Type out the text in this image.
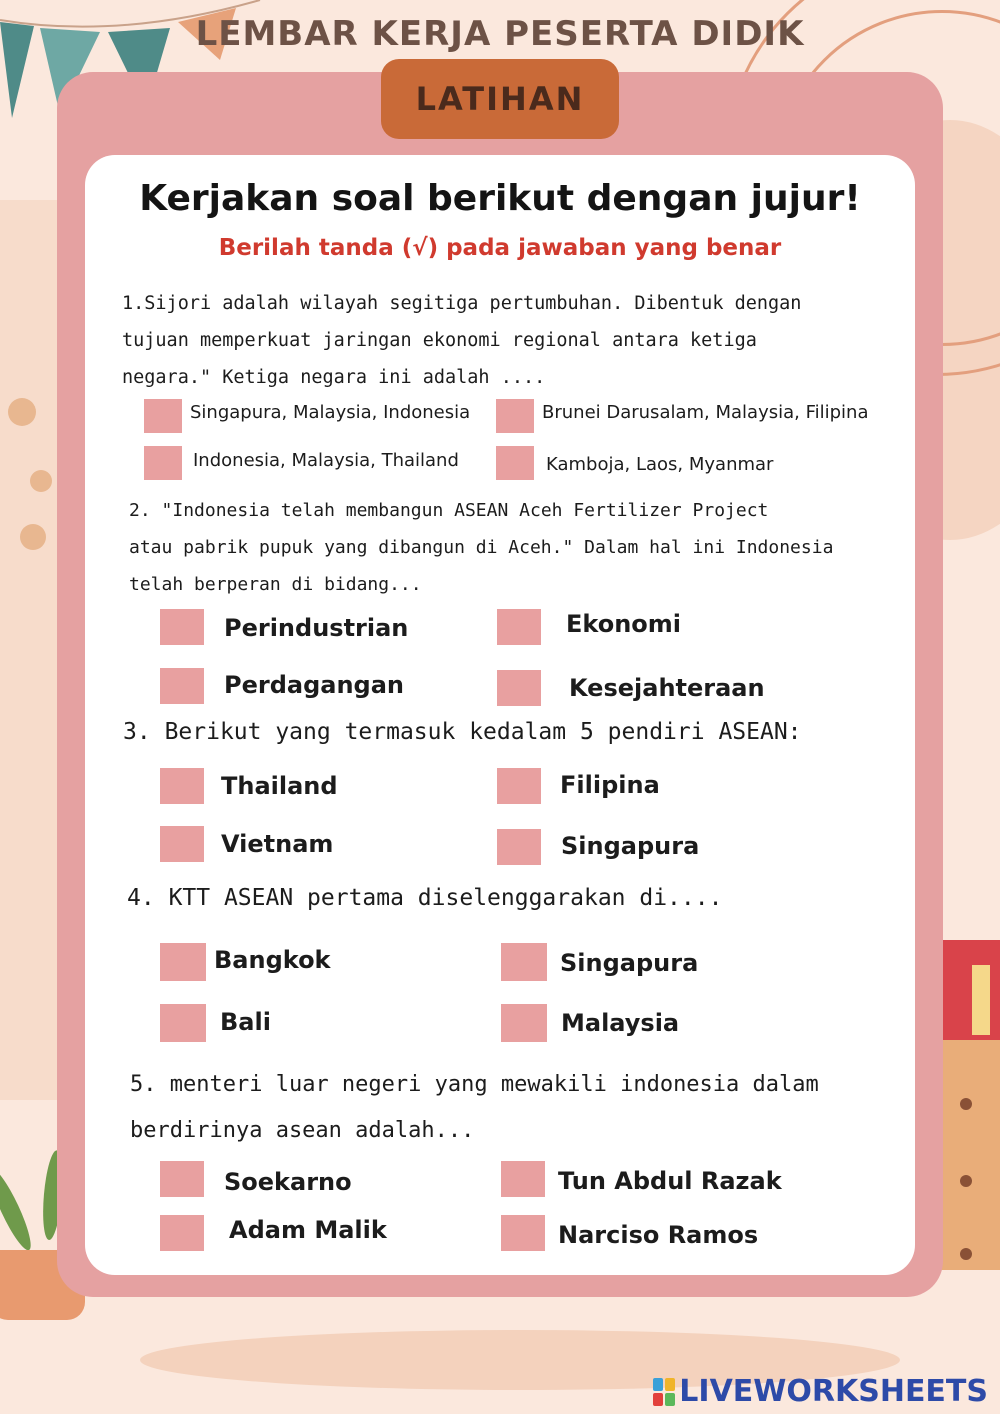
LEMBAR KERJA PESERTA DIDIK
LATIHAN
Kerjakan soal berikut dengan jujur!
Berilah tanda (√) pada jawaban yang benar
1.Sijori adalah wilayah segitiga pertumbuhan. Dibentuk dengan
tujuan memperkuat jaringan ekonomi regional antara ketiga
negara." Ketiga negara ini adalah ....
Singapura, Malaysia, Indonesia	Brunei Darusalam, Malaysia, Filipina
Indonesia, Malaysia, Thailand	Kamboja, Laos, Myanmar
2. "Indonesia telah membangun ASEAN Aceh Fertilizer Project
atau pabrik pupuk yang dibangun di Aceh." Dalam hal ini Indonesia
telah berperan di bidang...
Perindustrian	Ekonomi
Perdagangan	Kesejahteraan
3. Berikut yang termasuk kedalam 5 pendiri ASEAN:
Thailand	Filipina
Vietnam	Singapura
4. KTT ASEAN pertama diselenggarakan di....
Bangkok	Singapura
Bali	Malaysia
5. menteri luar negeri yang mewakili indonesia dalam
berdirinya asean adalah...
Soekarno	Tun Abdul Razak
Adam Malik	Narciso Ramos
LIVEWORKSHEETS
